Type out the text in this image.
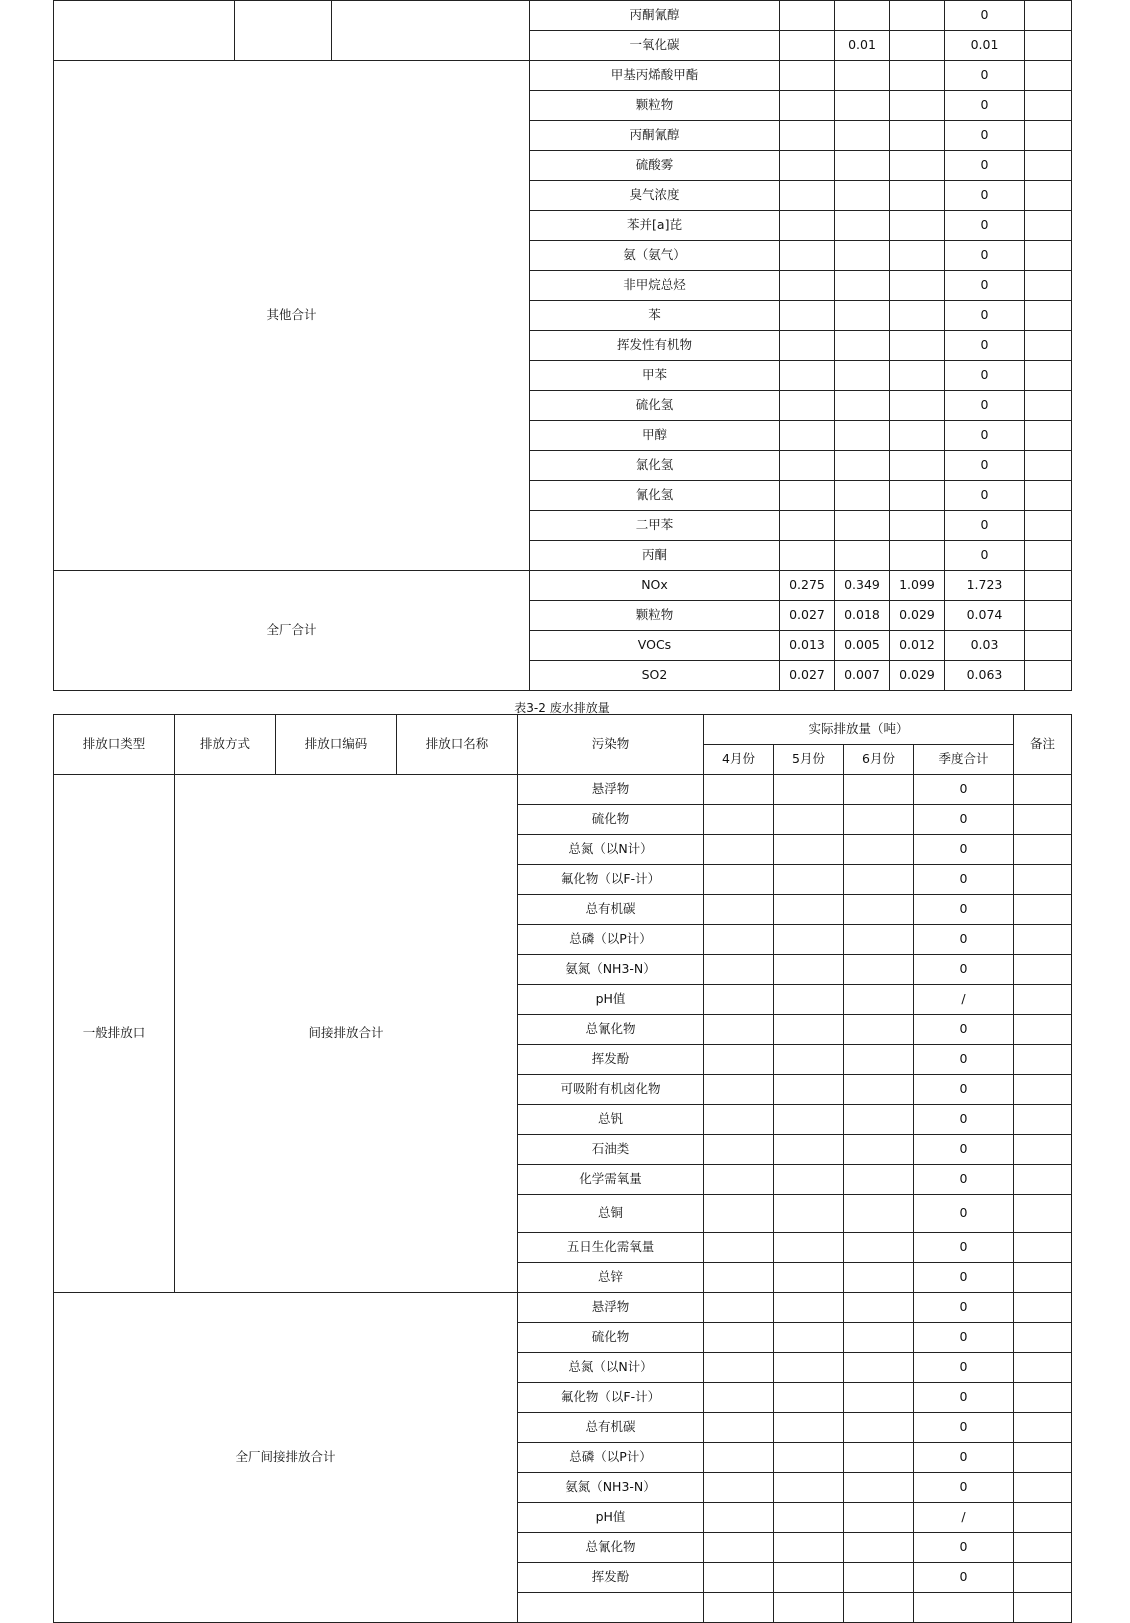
			丙酮氰醇				0	
			一氧化碳		0.01		0.01	
其他合计			甲基丙烯酸甲酯				0	
			颗粒物				0	
			丙酮氰醇				0	
			硫酸雾				0	
			臭气浓度				0	
			苯并[a]芘				0	
			氨（氨气）				0	
			非甲烷总烃				0	
			苯				0	
			挥发性有机物				0	
			甲苯				0	
			硫化氢				0	
			甲醇				0	
			氯化氢				0	
			氰化氢				0	
			二甲苯				0	
			丙酮				0	
全厂合计			NOx	0.275	0.349	1.099	1.723	
			颗粒物	0.027	0.018	0.029	0.074	
			VOCs	0.013	0.005	0.012	0.03	
			SO2	0.027	0.007	0.029	0.063	
表3-2 废水排放量
排放口类型	排放方式	排放口编码	排放口名称	污染物	实际排放量（吨）				备注
					4月份	5月份	6月份	季度合计	
一般排放口	间接排放合计			悬浮物				0	
				硫化物				0	
				总氮（以N计）				0	
				氟化物（以F-计）				0	
				总有机碳				0	
				总磷（以P计）				0	
				氨氮（NH3-N）				0	
				pH值				/	
				总氰化物				0	
				挥发酚				0	
				可吸附有机卤化物				0	
				总钒				0	
				石油类				0	
				化学需氧量				0	
				总铜				0	
				五日生化需氧量				0	
				总锌				0	
全厂间接排放合计				悬浮物				0	
				硫化物				0	
				总氮（以N计）				0	
				氟化物（以F-计）				0	
				总有机碳				0	
				总磷（以P计）				0	
				氨氮（NH3-N）				0	
				pH值				/	
				总氰化物				0	
				挥发酚				0	
